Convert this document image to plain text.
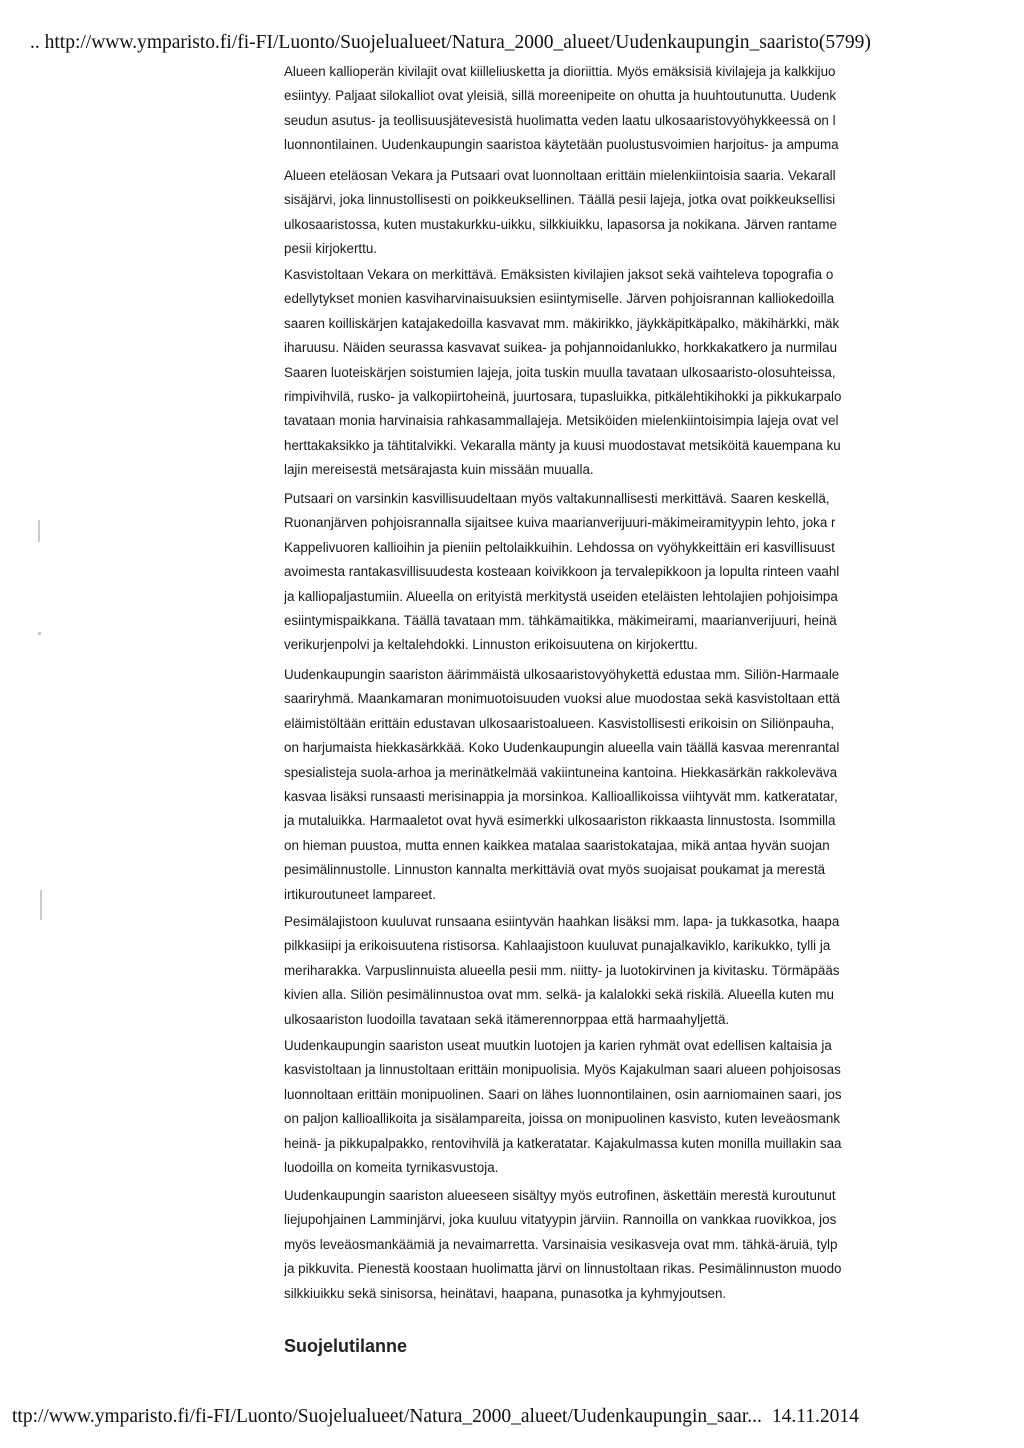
.. http://www.ymparisto.fi/fi-FI/Luonto/Suojelualueet/Natura_2000_alueet/Uudenkaupungin_saaristo(5799)
Alueen kallioperän kivilajit ovat kiilleliusketta ja dioriittia. Myös emäksisiä kivilajeja ja kalkkijuo
esiintyy. Paljaat silokalliot ovat yleisiä, sillä moreenipeite on ohutta ja huuhtoutunutta. Uudenk
seudun asutus- ja teollisuusjätevesistä huolimatta veden laatu ulkosaaristovyöhykkeessä on l
luonnontilainen. Uudenkaupungin saaristoa käytetään puolustusvoimien harjoitus- ja ampuma
Alueen eteläosan Vekara ja Putsaari ovat luonnoltaan erittäin mielenkiintoisia saaria. Vekarall
sisäjärvi, joka linnustollisesti on poikkeuksellinen. Täällä pesii lajeja, jotka ovat poikkeuksellisi
ulkosaaristossa, kuten mustakurkku-uikku, silkkiuikku, lapasorsa ja nokikana. Järven rantame
pesii kirjokerttu.
Kasvistoltaan Vekara on merkittävä. Emäksisten kivilajien jaksot sekä vaihteleva topografia o
edellytykset monien kasviharvinaisuuksien esiintymiselle. Järven pohjoisrannan kalliokedoilla
saaren koilliskärjen katajakedoilla kasvavat mm. mäkirikko, jäykkäpitkäpalko, mäkihärkki, mäk
iharuusu. Näiden seurassa kasvavat suikea- ja pohjannoidanlukko, horkkakatkero ja nurmilau
Saaren luoteiskärjen soistumien lajeja, joita tuskin muulla tavataan ulkosaaristo-olosuhteissa,
rimpivihvilä, rusko- ja valkopiirtoheinä, juurtosara, tupasluikka, pitkälehtikihokki ja pikkukarpalo
tavataan monia harvinaisia rahkasammallajeja. Metsiköiden mielenkiintoisimpia lajeja ovat vel
herttakaksikko ja tähtitalvikki. Vekaralla mänty ja kuusi muodostavat metsiköitä kauempana ku
lajin mereisestä metsärajasta kuin missään muualla.
Putsaari on varsinkin kasvillisuudeltaan myös valtakunnallisesti merkittävä. Saaren keskellä,
Ruonanjärven pohjoisrannalla sijaitsee kuiva maarianverijuuri-mäkimeiramityypin lehto, joka r
Kappelivuoren kallioihin ja pieniin peltolaikkuihin. Lehdossa on vyöhykkeittäin eri kasvillisuust
avoimesta rantakasvillisuudesta kosteaan koivikkoon ja tervalepikkoon ja lopulta rinteen vaahl
ja kalliopaljastumiin. Alueella on erityistä merkitystä useiden eteläisten lehtolajien pohjoisimpa
esiintymispaikkana. Täällä tavataan mm. tähkämaitikka, mäkimeirami, maarianverijuuri, heinä
verikurjenpolvi ja keltalehdokki. Linnuston erikoisuutena on kirjokerttu.
Uudenkaupungin saariston äärimmäistä ulkosaaristovyöhykettä edustaa mm. Siliön-Harmaale
saariryhmä. Maankamaran monimuotoisuuden vuoksi alue muodostaa sekä kasvistoltaan että
eläimistöltään erittäin edustavan ulkosaaristoalueen. Kasvistollisesti erikoisin on Siliönpauha,
on harjumaista hiekkasärkkää. Koko Uudenkaupungin alueella vain täällä kasvaa merenrantal
spesialisteja suola-arhoa ja merinätkelmää vakiintuneina kantoina. Hiekkasärkän rakkoleväva
kasvaa lisäksi runsaasti merisinappia ja morsinkoa. Kallioallikoissa viihtyvät mm. katkeratatar,
ja mutaluikka. Harmaaletot ovat hyvä esimerkki ulkosaariston rikkaasta linnustosta. Isommilla
on hieman puustoa, mutta ennen kaikkea matalaa saaristokatajaa, mikä antaa hyvän suojan
pesimälinnustolle. Linnuston kannalta merkittäviä ovat myös suojaisat poukamat ja merestä
irtikuroutuneet lampareet.
Pesimälajistoon kuuluvat runsaana esiintyvän haahkan lisäksi mm. lapa- ja tukkasotka, haapa
pilkkasiipi ja erikoisuutena ristisorsa. Kahlaajistoon kuuluvat punajalkaviklo, karikukko, tylli ja
meriharakka. Varpuslinnuista alueella pesii mm. niitty- ja luotokirvinen ja kivitasku. Törmäpääs
kivien alla. Siliön pesimälinnustoa ovat mm. selkä- ja kalalokki sekä riskilä. Alueella kuten mu
ulkosaariston luodoilla tavataan sekä itämerennorppaa että harmaahyljettä.
Uudenkaupungin saariston useat muutkin luotojen ja karien ryhmät ovat edellisen kaltaisia ja
kasvistoltaan ja linnustoltaan erittäin monipuolisia. Myös Kajakulman saari alueen pohjoisosas
luonnoltaan erittäin monipuolinen. Saari on lähes luonnontilainen, osin aarniomainen saari, jos
on paljon kallioallikoita ja sisälampareita, joissa on monipuolinen kasvisto, kuten leveäosmank
heinä- ja pikkupalpakko, rentovihvilä ja katkeratatar. Kajakulmassa kuten monilla muillakin saa
luodoilla on komeita tyrnikasvustoja.
Uudenkaupungin saariston alueeseen sisältyy myös eutrofinen, äskettäin merestä kuroutunut
liejupohjainen Lamminjärvi, joka kuuluu vitatyypin järviin. Rannoilla on vankkaa ruovikkoa, jos
myös leveäosmankäämiä ja nevaimarretta. Varsinaisia vesikasveja ovat mm. tähkä-äruiä, tylp
ja pikkuvita. Pienestä koostaan huolimatta järvi on linnustoltaan rikas. Pesimälinnuston muodo
silkkiuikku sekä sinisorsa, heinätavi, haapana, punasotka ja kyhmyjoutsen.
Suojelutilanne
ttp://www.ymparisto.fi/fi-FI/Luonto/Suojelualueet/Natura_2000_alueet/Uudenkaupungin_saar... 14.11.2014
